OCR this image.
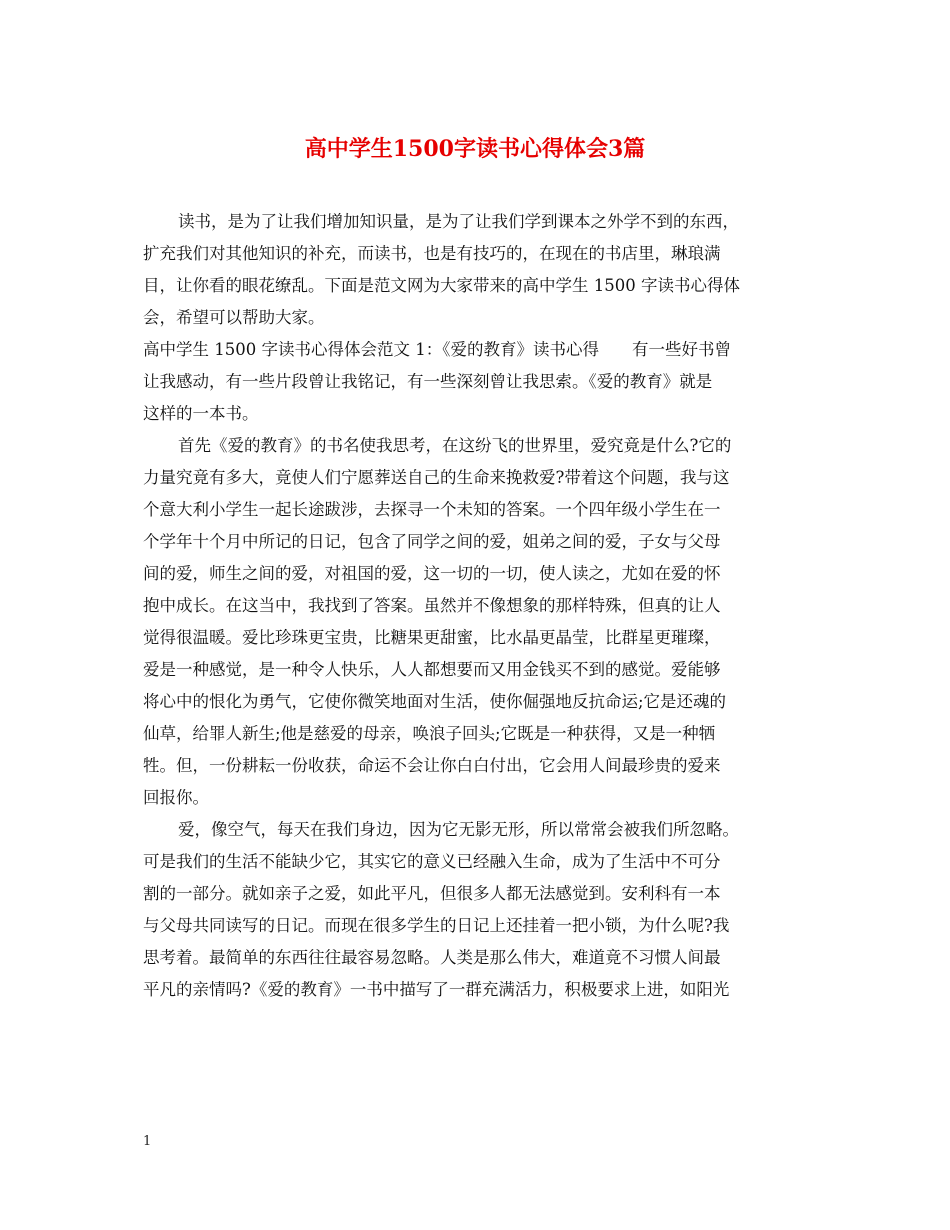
高中学生1500字读书心得体会3篇
读书，是为了让我们增加知识量，是为了让我们学到课本之外学不到的东西，
扩充我们对其他知识的补充，而读书，也是有技巧的，在现在的书店里，琳琅满
目，让你看的眼花缭乱。下面是范文网为大家带来的高中学生 1500 字读书心得体
会，希望可以帮助大家。
高中学生 1500 字读书心得体会范文 1：《爱的教育》读书心得　　有一些好书曾
让我感动，有一些片段曾让我铭记，有一些深刻曾让我思索。《爱的教育》就是
这样的一本书。
首先《爱的教育》的书名使我思考，在这纷飞的世界里，爱究竟是什么?它的
力量究竟有多大，竟使人们宁愿葬送自己的生命来挽救爱?带着这个问题，我与这
个意大利小学生一起长途跋涉，去探寻一个未知的答案。一个四年级小学生在一
个学年十个月中所记的日记，包含了同学之间的爱，姐弟之间的爱，子女与父母
间的爱，师生之间的爱，对祖国的爱，这一切的一切，使人读之，尤如在爱的怀
抱中成长。在这当中，我找到了答案。虽然并不像想象的那样特殊，但真的让人
觉得很温暖。爱比珍珠更宝贵，比糖果更甜蜜，比水晶更晶莹，比群星更璀璨，
爱是一种感觉，是一种令人快乐，人人都想要而又用金钱买不到的感觉。爱能够
将心中的恨化为勇气，它使你微笑地面对生活，使你倔强地反抗命运;它是还魂的
仙草，给罪人新生;他是慈爱的母亲，唤浪子回头;它既是一种获得，又是一种牺
牲。但，一份耕耘一份收获，命运不会让你白白付出，它会用人间最珍贵的爱来
回报你。
爱，像空气，每天在我们身边，因为它无影无形，所以常常会被我们所忽略。
可是我们的生活不能缺少它，其实它的意义已经融入生命，成为了生活中不可分
割的一部分。就如亲子之爱，如此平凡，但很多人都无法感觉到。安利科有一本
与父母共同读写的日记。而现在很多学生的日记上还挂着一把小锁，为什么呢?我
思考着。最简单的东西往往最容易忽略。人类是那么伟大，难道竟不习惯人间最
平凡的亲情吗?《爱的教育》一书中描写了一群充满活力，积极要求上进，如阳光
1
